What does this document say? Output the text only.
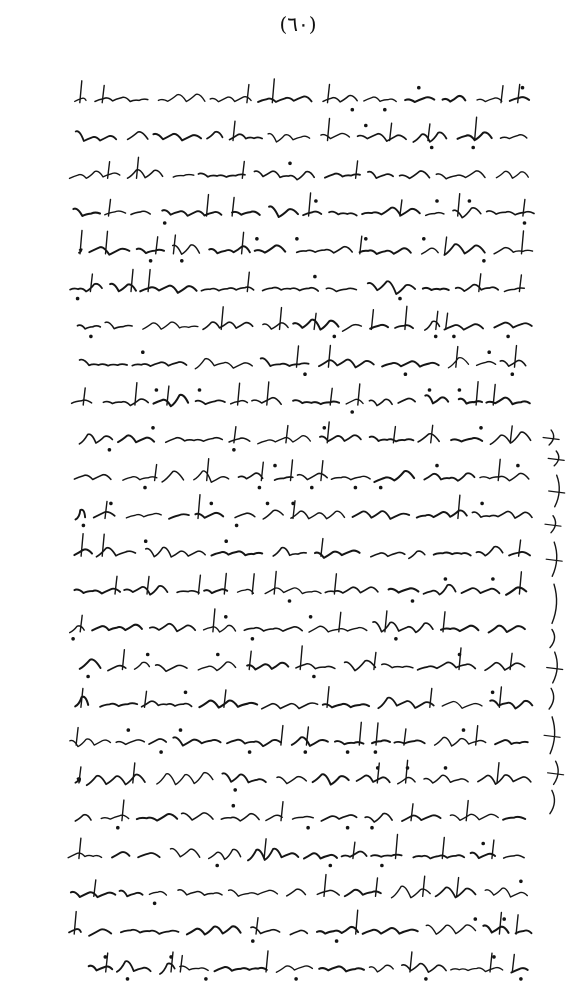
(٦٠)
